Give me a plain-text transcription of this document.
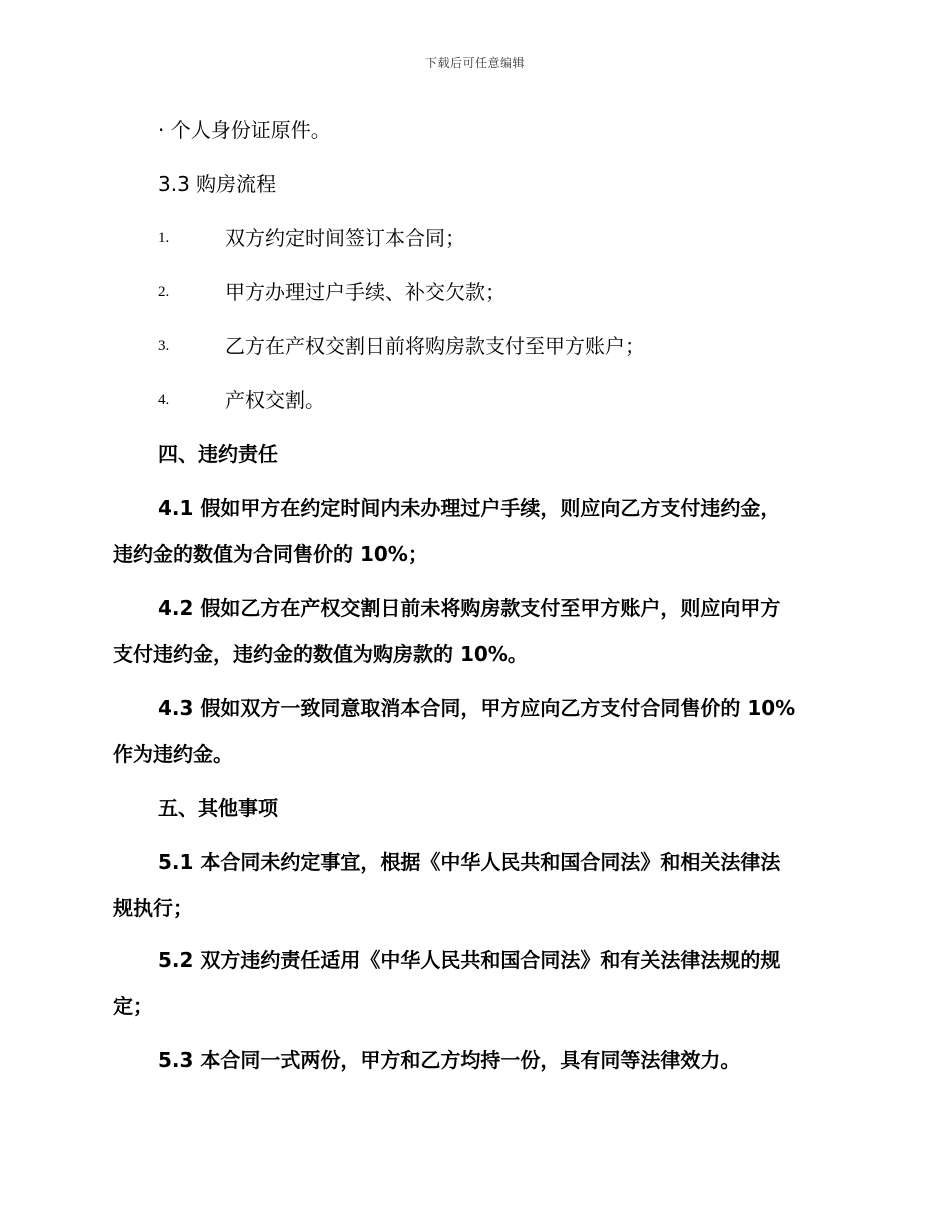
下载后可任意编辑
· 个人身份证原件。
3.3 购房流程
1.	双方约定时间签订本合同；
2.	甲方办理过户手续、补交欠款；
3.	乙方在产权交割日前将购房款支付至甲方账户；
4.	产权交割。
四、违约责任
4.1 假如甲方在约定时间内未办理过户手续，则应向乙方支付违约金，
违约金的数值为合同售价的 10%；
4.2 假如乙方在产权交割日前未将购房款支付至甲方账户，则应向甲方
支付违约金，违约金的数值为购房款的 10%。
4.3 假如双方一致同意取消本合同，甲方应向乙方支付合同售价的 10%
作为违约金。
五、其他事项
5.1 本合同未约定事宜，根据《中华人民共和国合同法》和相关法律法
规执行；
5.2 双方违约责任适用《中华人民共和国合同法》和有关法律法规的规
定；
5.3 本合同一式两份，甲方和乙方均持一份，具有同等法律效力。
